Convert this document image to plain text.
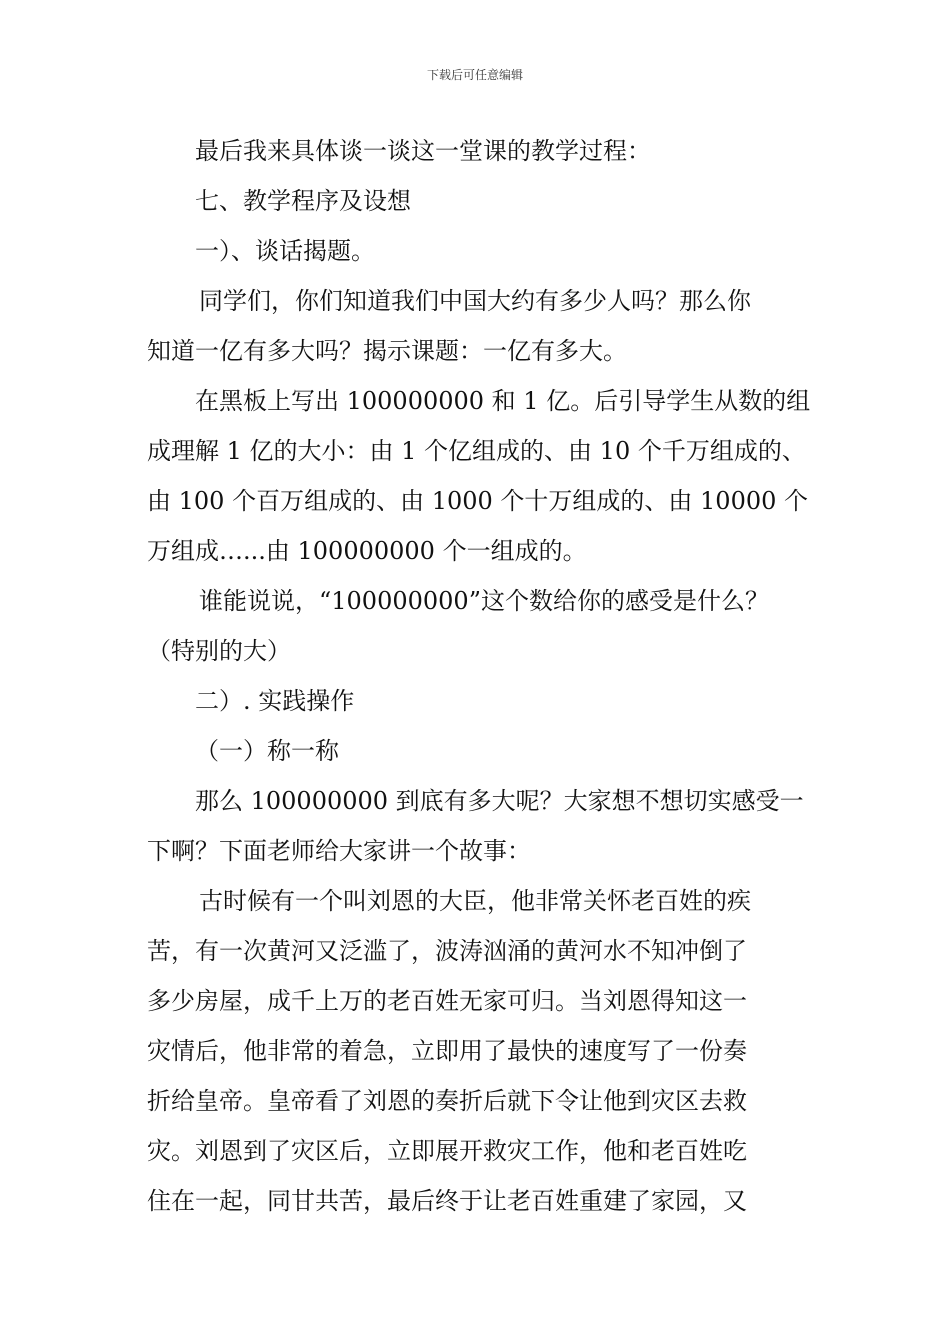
下载后可任意编辑
最后我来具体谈一谈这一堂课的教学过程：
七、教学程序及设想
一）、谈话揭题。
同学们，你们知道我们中国大约有多少人吗？那么你
知道一亿有多大吗？揭示课题：一亿有多大。
在黑板上写出 100000000 和 1 亿。后引导学生从数的组
成理解 1 亿的大小：由 1 个亿组成的、由 10 个千万组成的、
由 100 个百万组成的、由 1000 个十万组成的、由 10000 个
万组成…...由 100000000 个一组成的。
谁能说说，“100000000”这个数给你的感受是什么？
（特别的大）
二）. 实践操作
（一）称一称
那么 100000000 到底有多大呢？大家想不想切实感受一
下啊？下面老师给大家讲一个故事：
古时候有一个叫刘恩的大臣，他非常关怀老百姓的疾
苦，有一次黄河又泛滥了，波涛汹涌的黄河水不知冲倒了
多少房屋，成千上万的老百姓无家可归。当刘恩得知这一
灾情后，他非常的着急，立即用了最快的速度写了一份奏
折给皇帝。皇帝看了刘恩的奏折后就下令让他到灾区去救
灾。刘恩到了灾区后，立即展开救灾工作，他和老百姓吃
住在一起，同甘共苦，最后终于让老百姓重建了家园，又
